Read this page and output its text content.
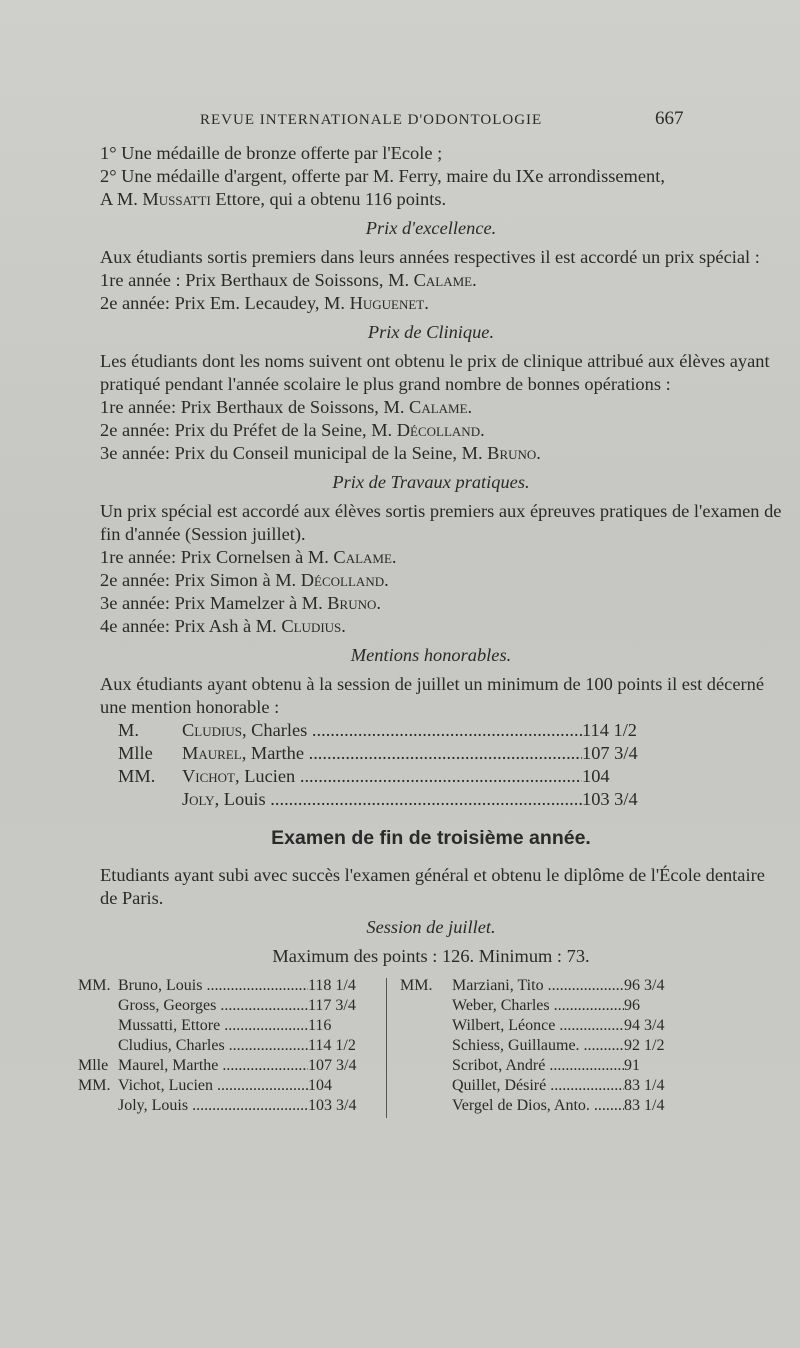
REVUE INTERNATIONALE D'ODONTOLOGIE	667

1° Une médaille de bronze offerte par l'Ecole ;

2° Une médaille d'argent, offerte par M. Ferry, maire du IXe arrondissement,

A M. Mussatti Ettore, qui a obtenu 116 points.

Prix d'excellence.

Aux étudiants sortis premiers dans leurs années respectives il est accordé un prix spécial :

1re année : Prix Berthaux de Soissons, M. Calame.

2e année: Prix Em. Lecaudey, M. Huguenet.

Prix de Clinique.

Les étudiants dont les noms suivent ont obtenu le prix de clinique attribué aux élèves ayant pratiqué pendant l'année scolaire le plus grand nombre de bonnes opérations :

1re année: Prix Berthaux de Soissons, M. Calame.

2e année: Prix du Préfet de la Seine, M. Décolland.

3e année: Prix du Conseil municipal de la Seine, M. Bruno.

Prix de Travaux pratiques.

Un prix spécial est accordé aux élèves sortis premiers aux épreuves pratiques de l'examen de fin d'année (Session juillet).

1re année: Prix Cornelsen à M. Calame.

2e année: Prix Simon à M. Décolland.

3e année: Prix Mamelzer à M. Bruno.

4e année: Prix Ash à M. Cludius.

Mentions honorables.

Aux étudiants ayant obtenu à la session de juillet un minimum de 100 points il est décerné une mention honorable :

M.	Cludius, Charles .....	114 1/2
Mlle	Maurel, Marthe .....	107 3/4
MM.	Vichot, Lucien .....	104
Joly, Louis .....	103 3/4

Examen de fin de troisième année.

Etudiants ayant subi avec succès l'examen général et obtenu le diplôme de l'École dentaire de Paris.

Session de juillet.

Maximum des points : 126. Minimum : 73.

MM. Bruno, Louis .....	118 1/4
Gross, Georges .....	117 3/4
Mussatti, Ettore .....	116
Cludius, Charles .....	114 1/2
Mlle Maurel, Marthe .....	107 3/4
MM. Vichot, Lucien .....	104
Joly, Louis .....	103 3/4
MM.	Marziani, Tito .....	96 3/4
Weber, Charles .....	96
Wilbert, Léonce .....	94 3/4
Schiess, Guillaume. .....	92 1/2
Scribot, André .....	91
Quillet, Désiré .....	83 1/4
Vergel de Dios, Anto. .....	83 1/4
